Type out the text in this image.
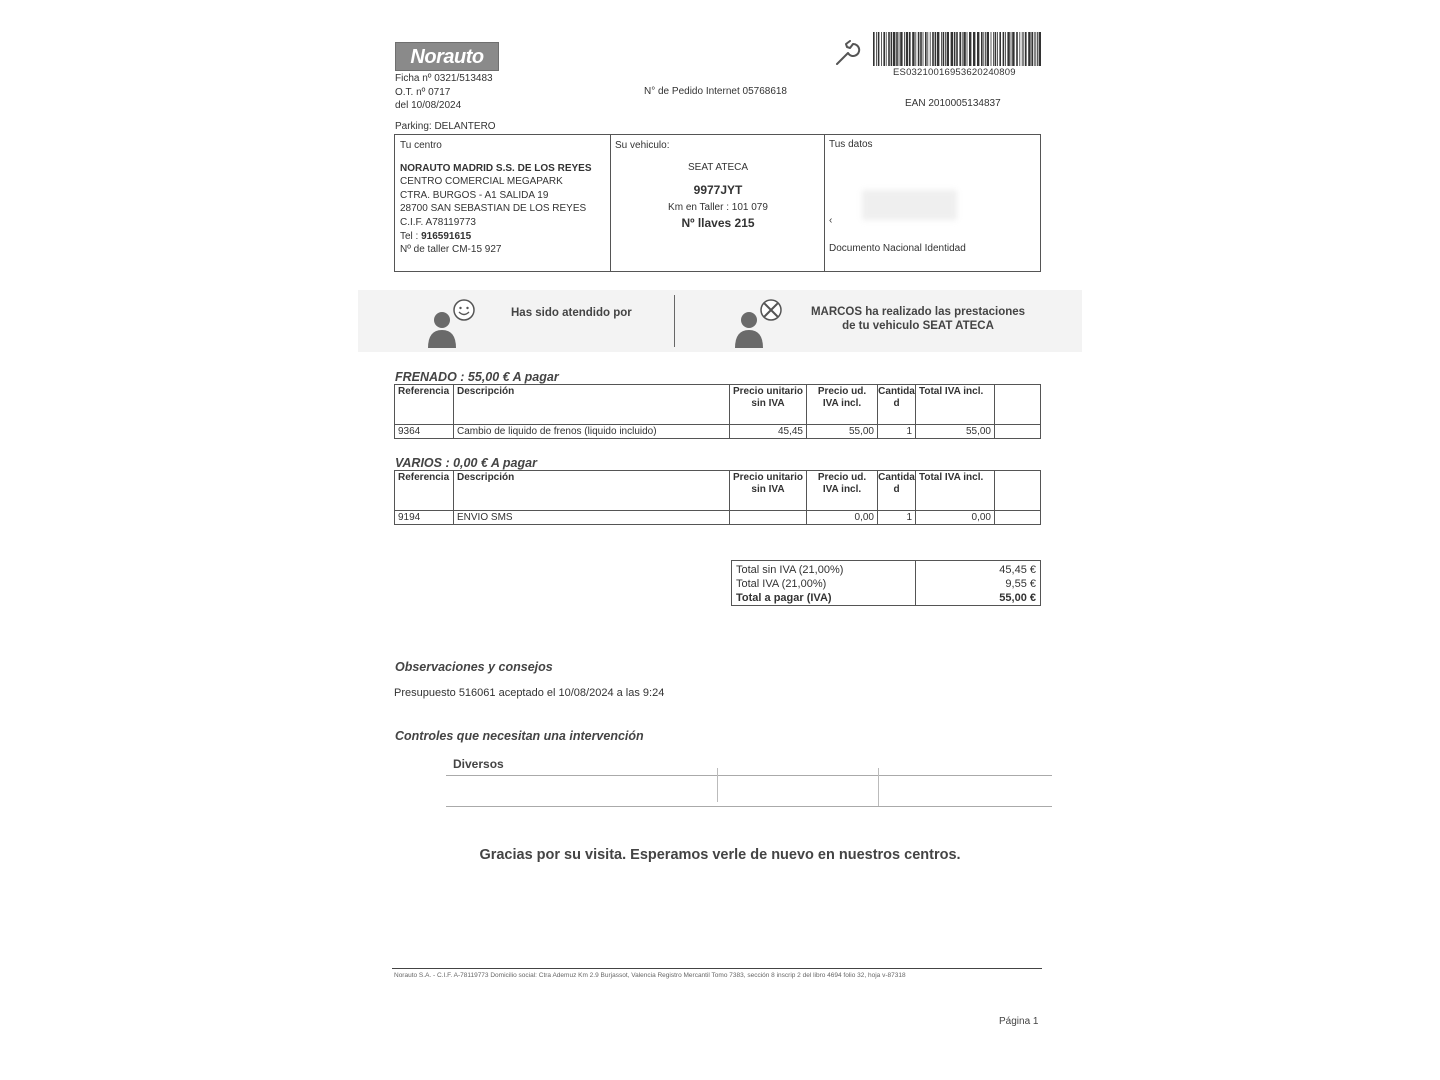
Norauto
Ficha nº 0321/513483
O.T. nº 0717
del 10/08/2024
N° de Pedido Internet 05768618
ES0321001695362024080​9
EAN 2010005134837
Parking: DELANTERO
Tu centro
NORAUTO MADRID S.S. DE LOS REYES
CENTRO COMERCIAL MEGAPARK
CTRA. BURGOS - A1 SALIDA 19
28700 SAN SEBASTIAN DE LOS REYES
C.I.F. A78119773
Tel : 916591615
Nº de taller CM-15 927
Su vehiculo:
SEAT ATECA
9977JYT
Km en Taller : 101 079
Nº llaves 215
Tus datos
‹
Documento Nacional Identidad
Has sido atendido por	MARCOS ha realizado las prestaciones
de tu vehiculo SEAT ATECA
FRENADO : 55,00 € A pagar
Referencia	Descripción	Precio unitario sin IVA	Precio ud. IVA incl.	Cantidad	Total IVA incl.	
9364	Cambio de liquido de frenos (liquido incluido)	45,45	55,00	1	55,00	
VARIOS : 0,00 € A pagar
Referencia	Descripción	Precio unitario sin IVA	Precio ud. IVA incl.	Cantidad	Total IVA incl.	
9194	ENVIO SMS		0,00	1	0,00	
Total sin IVA (21,00%)	45,45 €
Total IVA (21,00%)	9,55 €
Total a pagar (IVA)	55,00 €
Observaciones y consejos
Presupuesto 516061 aceptado el 10/08/2024 a las 9:24
Controles que necesitan una intervención
Diversos
Gracias por su visita. Esperamos verle de nuevo en nuestros centros.
Norauto S.A. - C.I.F. A-78119773 Domicilio social: Ctra Ademuz Km 2.9 Burjassot, Valencia Registro Mercantil Tomo 7383, sección 8 inscrip 2 del libro 4694 folio 32, hoja v-87318
Página 1
